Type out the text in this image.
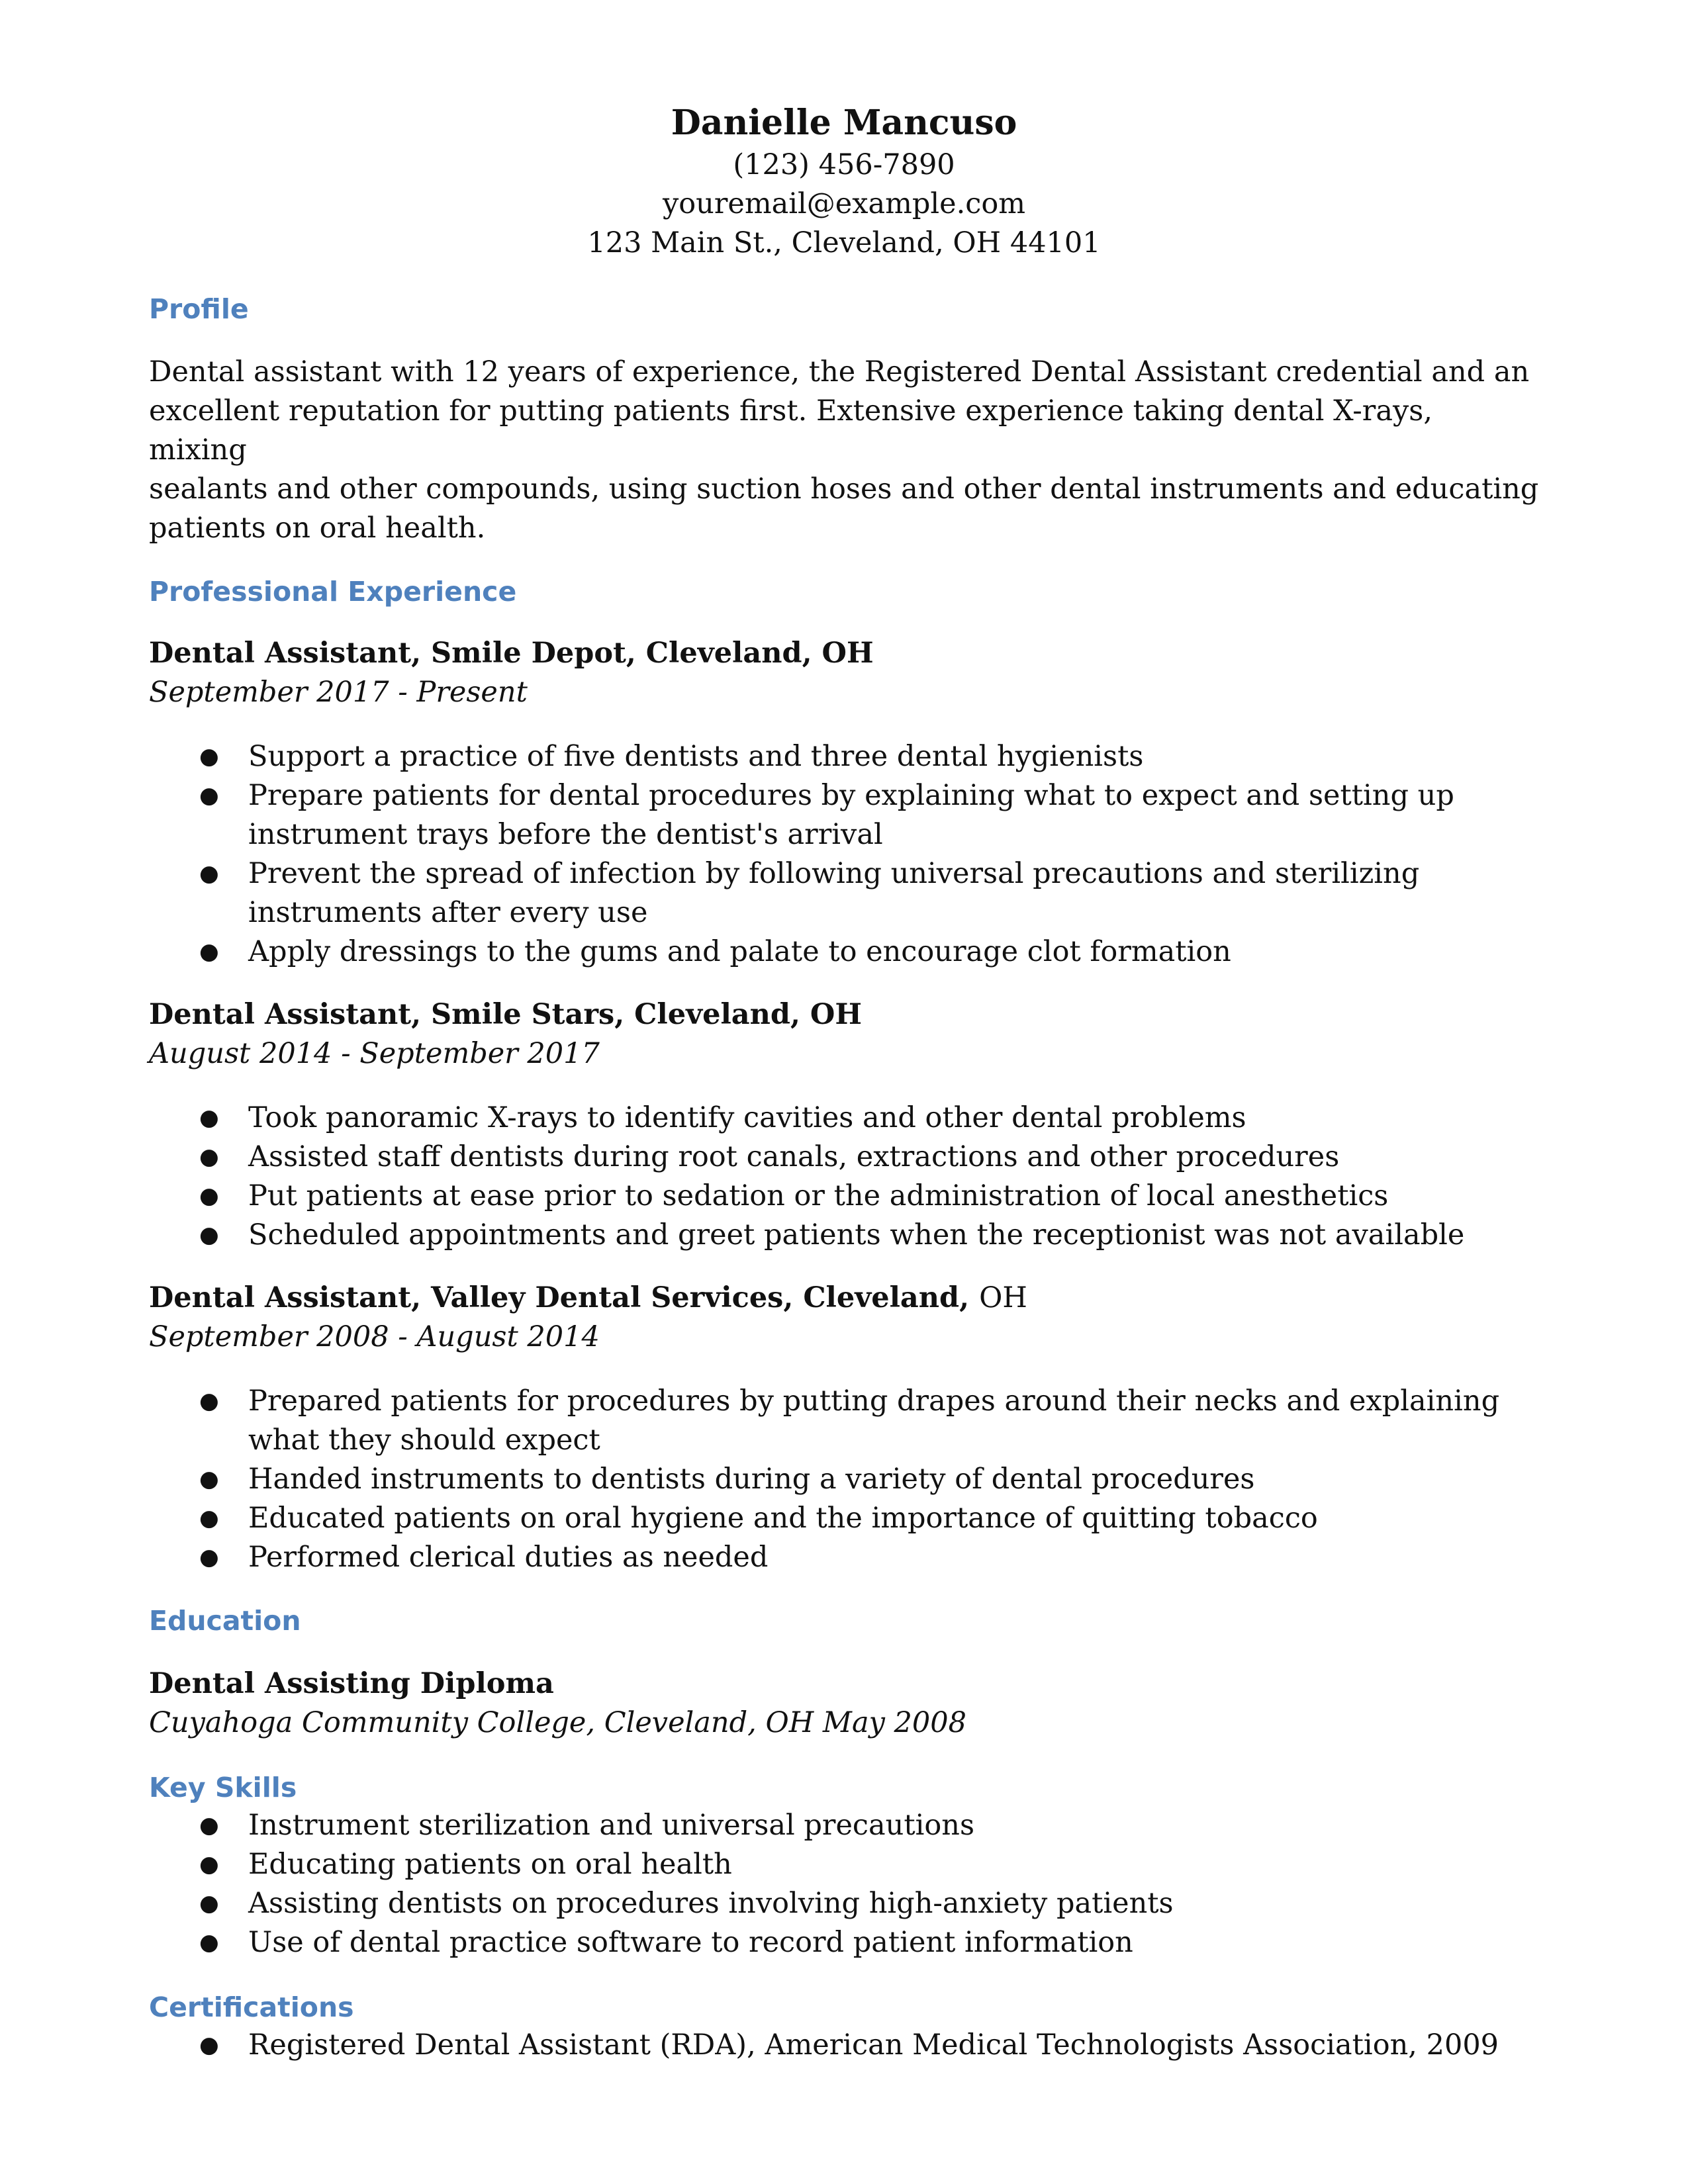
Danielle Mancuso

(123) 456-7890

youremail@example.com

123 Main St., Cleveland, OH 44101

Profile

Dental assistant with 12 years of experience, the Registered Dental Assistant credential and an

excellent reputation for putting patients first. Extensive experience taking dental X-rays, mixing

sealants and other compounds, using suction hoses and other dental instruments and educating

patients on oral health.

Professional Experience

Dental Assistant, Smile Depot, Cleveland, OH

September 2017 - Present

● Support a practice of five dentists and three dental hygienists
● Prepare patients for dental procedures by explaining what to expect and setting up
instrument trays before the dentist's arrival
● Prevent the spread of infection by following universal precautions and sterilizing
instruments after every use
● Apply dressings to the gums and palate to encourage clot formation

Dental Assistant, Smile Stars, Cleveland, OH

August 2014 - September 2017

● Took panoramic X-rays to identify cavities and other dental problems
● Assisted staff dentists during root canals, extractions and other procedures
● Put patients at ease prior to sedation or the administration of local anesthetics
● Scheduled appointments and greet patients when the receptionist was not available

Dental Assistant, Valley Dental Services, Cleveland, OH

September 2008 - August 2014

● Prepared patients for procedures by putting drapes around their necks and explaining
what they should expect
● Handed instruments to dentists during a variety of dental procedures
● Educated patients on oral hygiene and the importance of quitting tobacco
● Performed clerical duties as needed

Education

Dental Assisting Diploma

Cuyahoga Community College, Cleveland, OH May 2008

Key Skills

● Instrument sterilization and universal precautions
● Educating patients on oral health
● Assisting dentists on procedures involving high-anxiety patients
● Use of dental practice software to record patient information

Certifications

● Registered Dental Assistant (RDA), American Medical Technologists Association, 2009
